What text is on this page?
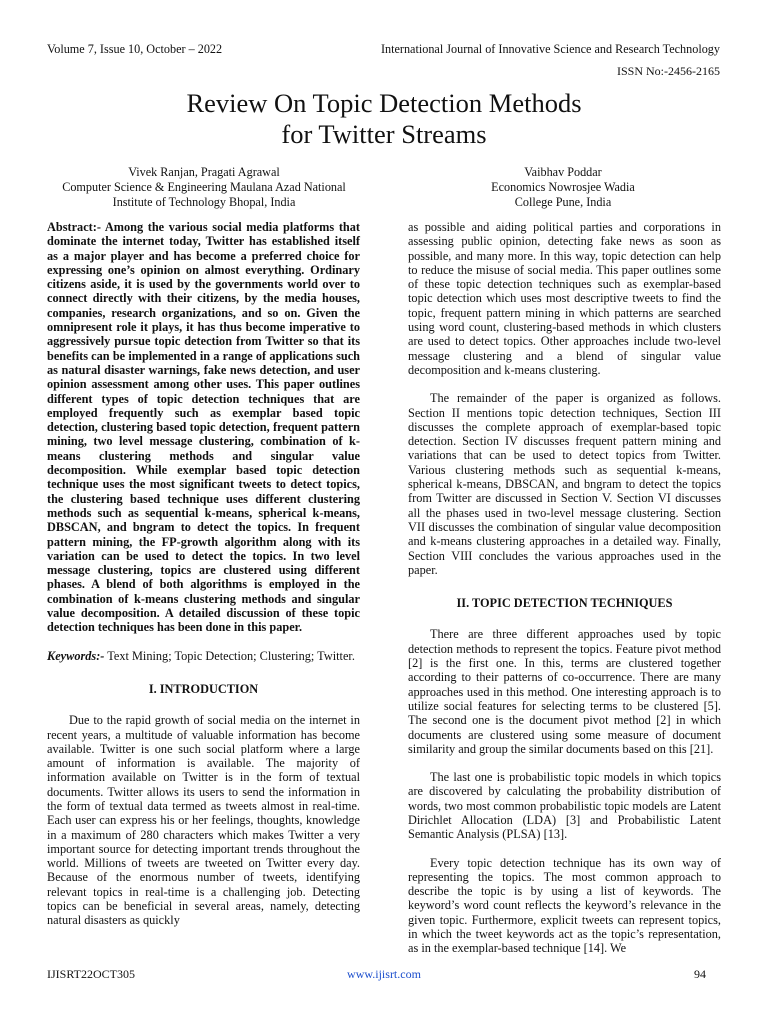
Volume 7, Issue 10, October – 2022	International Journal of Innovative Science and Research Technology
ISSN No:-2456-2165
Review On Topic Detection Methods
for Twitter Streams
Vivek Ranjan, Pragati Agrawal
Computer Science & Engineering Maulana Azad National
Institute of Technology Bhopal, India
Vaibhav Poddar
Economics Nowrosjee Wadia
College Pune, India

Abstract:- Among the various social media platforms that dominate the internet today, Twitter has established itself as a major player and has become a preferred choice for expressing one’s opinion on almost everything. Ordinary citizens aside, it is used by the governments world over to connect directly with their citizens, by the media houses, companies, research organizations, and so on. Given the omnipresent role it plays, it has thus become imperative to aggressively pursue topic detection from Twitter so that its benefits can be implemented in a range of applications such as natural disaster warnings, fake news detection, and user opinion assessment among other uses. This paper outlines different types of topic detection techniques that are employed frequently such as exemplar based topic detection, clustering based topic detection, frequent pattern mining, two level message clustering, combination of k-means clustering methods and singular value decomposition. While exemplar based topic detection technique uses the most significant tweets to detect topics, the clustering based technique uses different clustering methods such as sequential k-means, spherical k-means, DBSCAN, and bngram to detect the topics. In frequent pattern mining, the FP-growth algorithm along with its variation can be used to detect the topics. In two level message clustering, topics are clustered using different phases. A blend of both algorithms is employed in the combination of k-means clustering methods and singular value decomposition. A detailed discussion of these topic detection techniques has been done in this paper.

Keywords:- Text Mining; Topic Detection; Clustering; Twitter.

I. INTRODUCTION

Due to the rapid growth of social media on the internet in recent years, a multitude of valuable information has become available. Twitter is one such social platform where a large amount of information is available. The majority of information available on Twitter is in the form of textual documents. Twitter allows its users to send the information in the form of textual data termed as tweets almost in real-time. Each user can express his or her feelings, thoughts, knowledge in a maximum of 280 characters which makes Twitter a very important source for detecting important trends throughout the world. Millions of tweets are tweeted on Twitter every day. Because of the enormous number of tweets, identifying relevant topics in real-time is a challenging job. Detecting topics can be beneficial in several areas, namely, detecting natural disasters as quickly

as possible and aiding political parties and corporations in assessing public opinion, detecting fake news as soon as possible, and many more. In this way, topic detection can help to reduce the misuse of social media. This paper outlines some of these topic detection techniques such as exemplar-based topic detection which uses most descriptive tweets to find the topic, frequent pattern mining in which patterns are searched using word count, clustering-based methods in which clusters are used to detect topics. Other approaches include two-level message clustering and a blend of singular value decomposition and k-means clustering.

The remainder of the paper is organized as follows. Section II mentions topic detection techniques, Section III discusses the complete approach of exemplar-based topic detection. Section IV discusses frequent pattern mining and variations that can be used to detect topics from Twitter. Various clustering methods such as sequential k-means, spherical k-means, DBSCAN, and bngram to detect the topics from Twitter are discussed in Section V. Section VI discusses all the phases used in two-level message clustering. Section VII discusses the combination of singular value decomposition and k-means clustering approaches in a detailed way. Finally, Section VIII concludes the various approaches used in the paper.

II. TOPIC DETECTION TECHNIQUES

There are three different approaches used by topic detection methods to represent the topics. Feature pivot method [2] is the first one. In this, terms are clustered together according to their patterns of co-occurrence. There are many approaches used in this method. One interesting approach is to utilize social features for selecting terms to be clustered [5]. The second one is the document pivot method [2] in which documents are clustered using some measure of document similarity and group the similar documents based on this [21].

The last one is probabilistic topic models in which topics are discovered by calculating the probability distribution of words, two most common probabilistic topic models are Latent Dirichlet Allocation (LDA) [3] and Probabilistic Latent Semantic Analysis (PLSA) [13].

Every topic detection technique has its own way of representing the topics. The most common approach to describe the topic is by using a list of keywords. The keyword’s word count reflects the keyword’s relevance in the given topic. Furthermore, explicit tweets can represent topics, in which the tweet keywords act as the topic’s representation, as in the exemplar-based technique [14]. We

IJISRT22OCT305	www.ijisrt.com	94
